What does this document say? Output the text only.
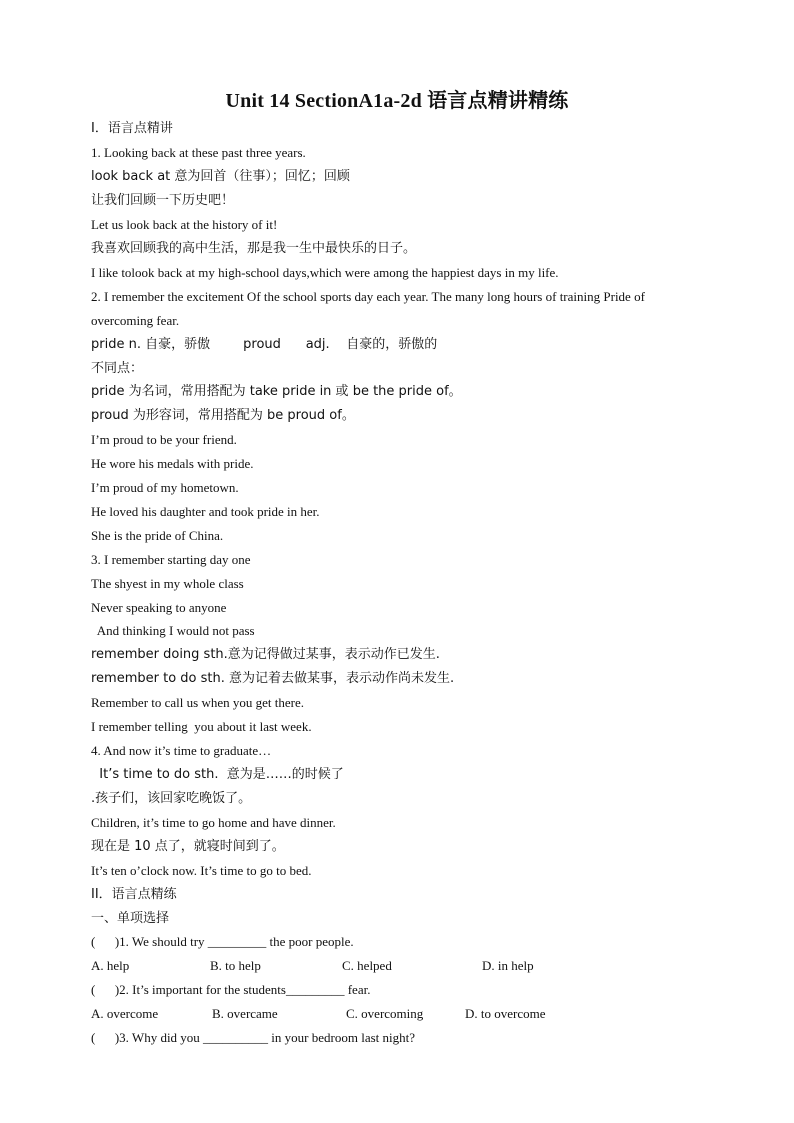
Unit 14 SectionA1a-2d 语言点精讲精练

I．语言点精讲

1. Looking back at these past three years.

look back at 意为回首（往事）；回忆；回顾

让我们回顾一下历史吧！

Let us look back at the history of it!

我喜欢回顾我的高中生活，那是我一生中最快乐的日子。

I like tolook back at my high-school days,which were among the happiest days in my life.

2. I remember the excitement Of the school sports day each year. The many long hours of training Pride of

overcoming fear.

pride n. 自豪，骄傲        proud      adj.    自豪的，骄傲的

不同点：

pride 为名词，常用搭配为 take pride in 或 be the pride of。

proud 为形容词，常用搭配为 be proud of。

I’m proud to be your friend.

He wore his medals with pride.

I’m proud of my hometown.

He loved his daughter and took pride in her.

She is the pride of China.

3. I remember starting day one

The shyest in my whole class

Never speaking to anyone

And thinking I would not pass

remember doing sth.意为记得做过某事，表示动作已发生.

remember to do sth. 意为记着去做某事，表示动作尚未发生.

Remember to call us when you get there.

I remember telling  you about it last week.

4. And now it’s time to graduate…

It’s time to do sth.  意为是……的时候了

.孩子们，该回家吃晚饭了。

Children, it’s time to go home and have dinner.

现在是 10 点了，就寝时间到了。

It’s ten o’clock now. It’s time to go to bed.

II．语言点精练

一、单项选择

(      )1. We should try _________ the poor people.

A. help	B. to help	C. helped	D. in help

(      )2. It’s important for the students_________ fear.

A. overcome	B. overcame	C. overcoming	D. to overcome

(      )3. Why did you __________ in your bedroom last night?
